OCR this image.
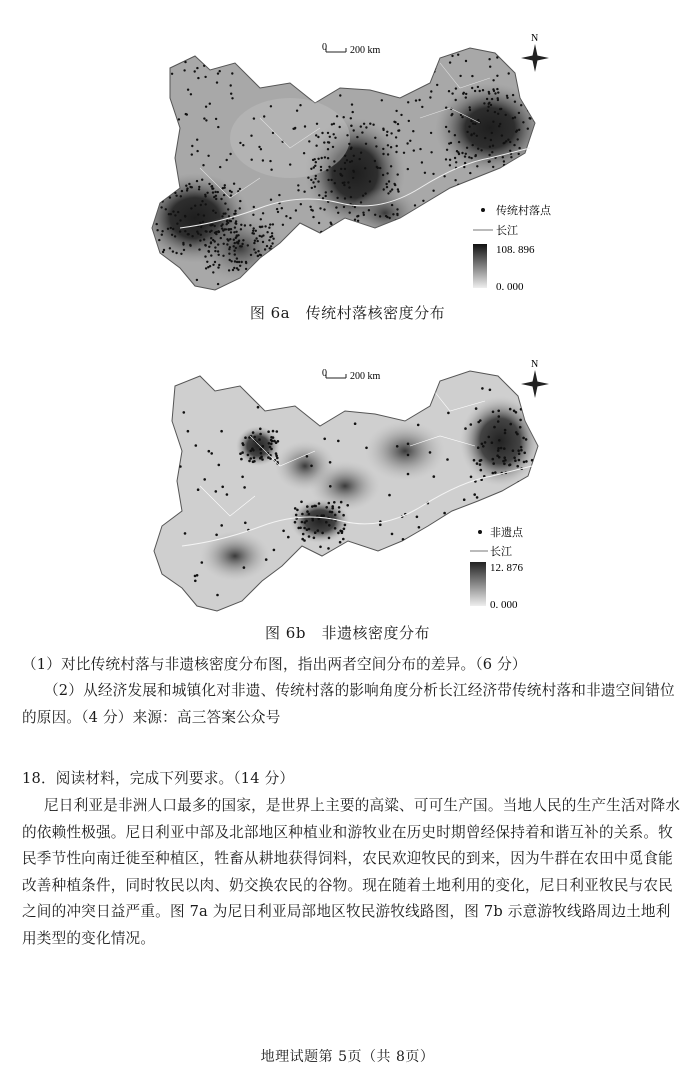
0 200 km
N
传统村落点
长江
108. 896
0. 000
图 6a　传统村落核密度分布
0 200 km
N
非遗点
长江
12. 876
0. 000
图 6b　非遗核密度分布
（1）对比传统村落与非遗核密度分布图，指出两者空间分布的差异。（6 分）
（2）从经济发展和城镇化对非遗、传统村落的影响角度分析长江经济带传统村落和非遗空间错位的原因。（4 分）来源：高三答案公众号
18．阅读材料，完成下列要求。（14 分）
尼日利亚是非洲人口最多的国家，是世界上主要的高粱、可可生产国。当地人民的生产生活对降水的依赖性极强。尼日利亚中部及北部地区种植业和游牧业在历史时期曾经保持着和谐互补的关系。牧民季节性向南迁徙至种植区，牲畜从耕地获得饲料，农民欢迎牧民的到来，因为牛群在农田中觅食能改善种植条件，同时牧民以肉、奶交换农民的谷物。现在随着土地利用的变化，尼日利亚牧民与农民之间的冲突日益严重。图 7a 为尼日利亚局部地区牧民游牧线路图，图 7b 示意游牧线路周边土地利用类型的变化情况。
地理试题第 5页（共 8页）
